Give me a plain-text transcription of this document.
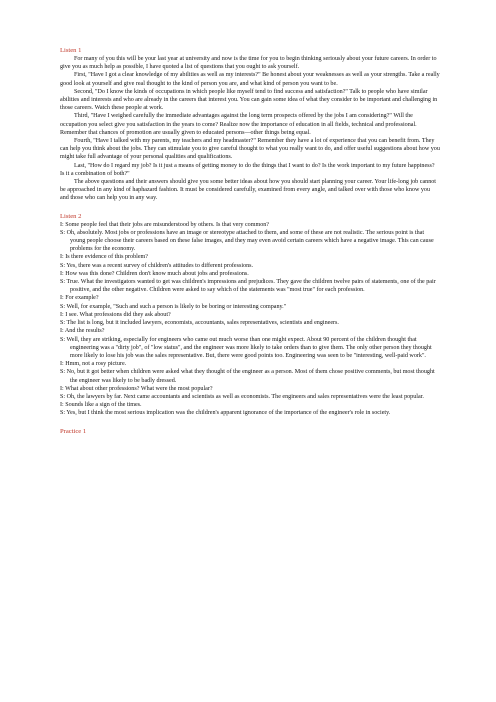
Listen 1

For many of you this will be your last year at university and now is the time for you to begin thinking seriously about your future careers. In order to give you as much help as possible, I have quoted a list of questions that you ought to ask yourself.

First, "Have I got a clear knowledge of my abilities as well as my interests?" Be honest about your weaknesses as well as your strengths. Take a really good look at yourself and give real thought to the kind of person you are, and what kind of person you want to be.

Second, "Do I know the kinds of occupations in which people like myself tend to find success and satisfaction?" Talk to people who have similar abilities and interests and who are already in the careers that interest you. You can gain some idea of what they consider to be important and challenging in those careers. Watch these people at work.

Third, "Have I weighed carefully the immediate advantages against the long term prospects offered by the jobs I am considering?" Will the occupation you select give you satisfaction in the years to come? Realize now the importance of education in all fields, technical and professional. Remember that chances of promotion are usually given to educated persons—other things being equal.

Fourth, "Have I talked with my parents, my teachers and my headmaster?" Remember they have a lot of experience that you can benefit from. They can help you think about the jobs. They can stimulate you to give careful thought to what you really want to do, and offer useful suggestions about how you might take full advantage of your personal qualities and qualifications.

Last, "How do I regard my job? Is it just a means of getting money to do the things that I want to do? Is the work important to my future happiness? Is it a combination of both?"

The above questions and their answers should give you some better ideas about how you should start planning your career. Your life-long job cannot be approached in any kind of haphazard fashion. It must be considered carefully, examined from every angle, and talked over with those who know you and those who can help you in any way.

Listen 2

I: Some people feel that their jobs are misunderstood by others. Is that very common?

S: Oh, absolutely. Most jobs or professions have an image or stereotype attached to them, and some of these are not realistic. The serious point is that young people choose their careers based on these false images, and they may even avoid certain careers which have a negative image. This can cause problems for the economy.

I: Is there evidence of this problem?

S: Yes, there was a recent survey of children's attitudes to different professions.

I: How was this done? Children don't know much about jobs and professions.

S: True. What the investigators wanted to get was children's impressions and prejudices. They gave the children twelve pairs of statements, one of the pair positive, and the other negative. Children were asked to say which of the statements was "most true" for each profession.

I: For example?

S: Well, for example, "Such and such a person is likely to be boring or interesting company."

I: I see. What professions did they ask about?

S: The list is long, but it included lawyers, economists, accountants, sales representatives, scientists and engineers.

I: And the results?

S: Well, they are striking, especially for engineers who came out much worse than one might expect. About 90 percent of the children thought that engineering was a "dirty job", of "low status", and the engineer was more likely to take orders than to give them. The only other person they thought more likely to lose his job was the sales representative. But, there were good points too. Engineering was seen to be "interesting, well-paid work".

I: Hmm, not a rosy picture.

S: No, but it got better when children were asked what they thought of the engineer as a person. Most of them chose positive comments, but most thought the engineer was likely to be badly dressed.

I: What about other professions? What were the most popular?

S: Oh, the lawyers by far. Next came accountants and scientists as well as economists. The engineers and sales representatives were the least popular.

I: Sounds like a sign of the times.

S: Yes, but I think the most serious implication was the children's apparent ignorance of the importance of the engineer's role in society.

Practice 1
